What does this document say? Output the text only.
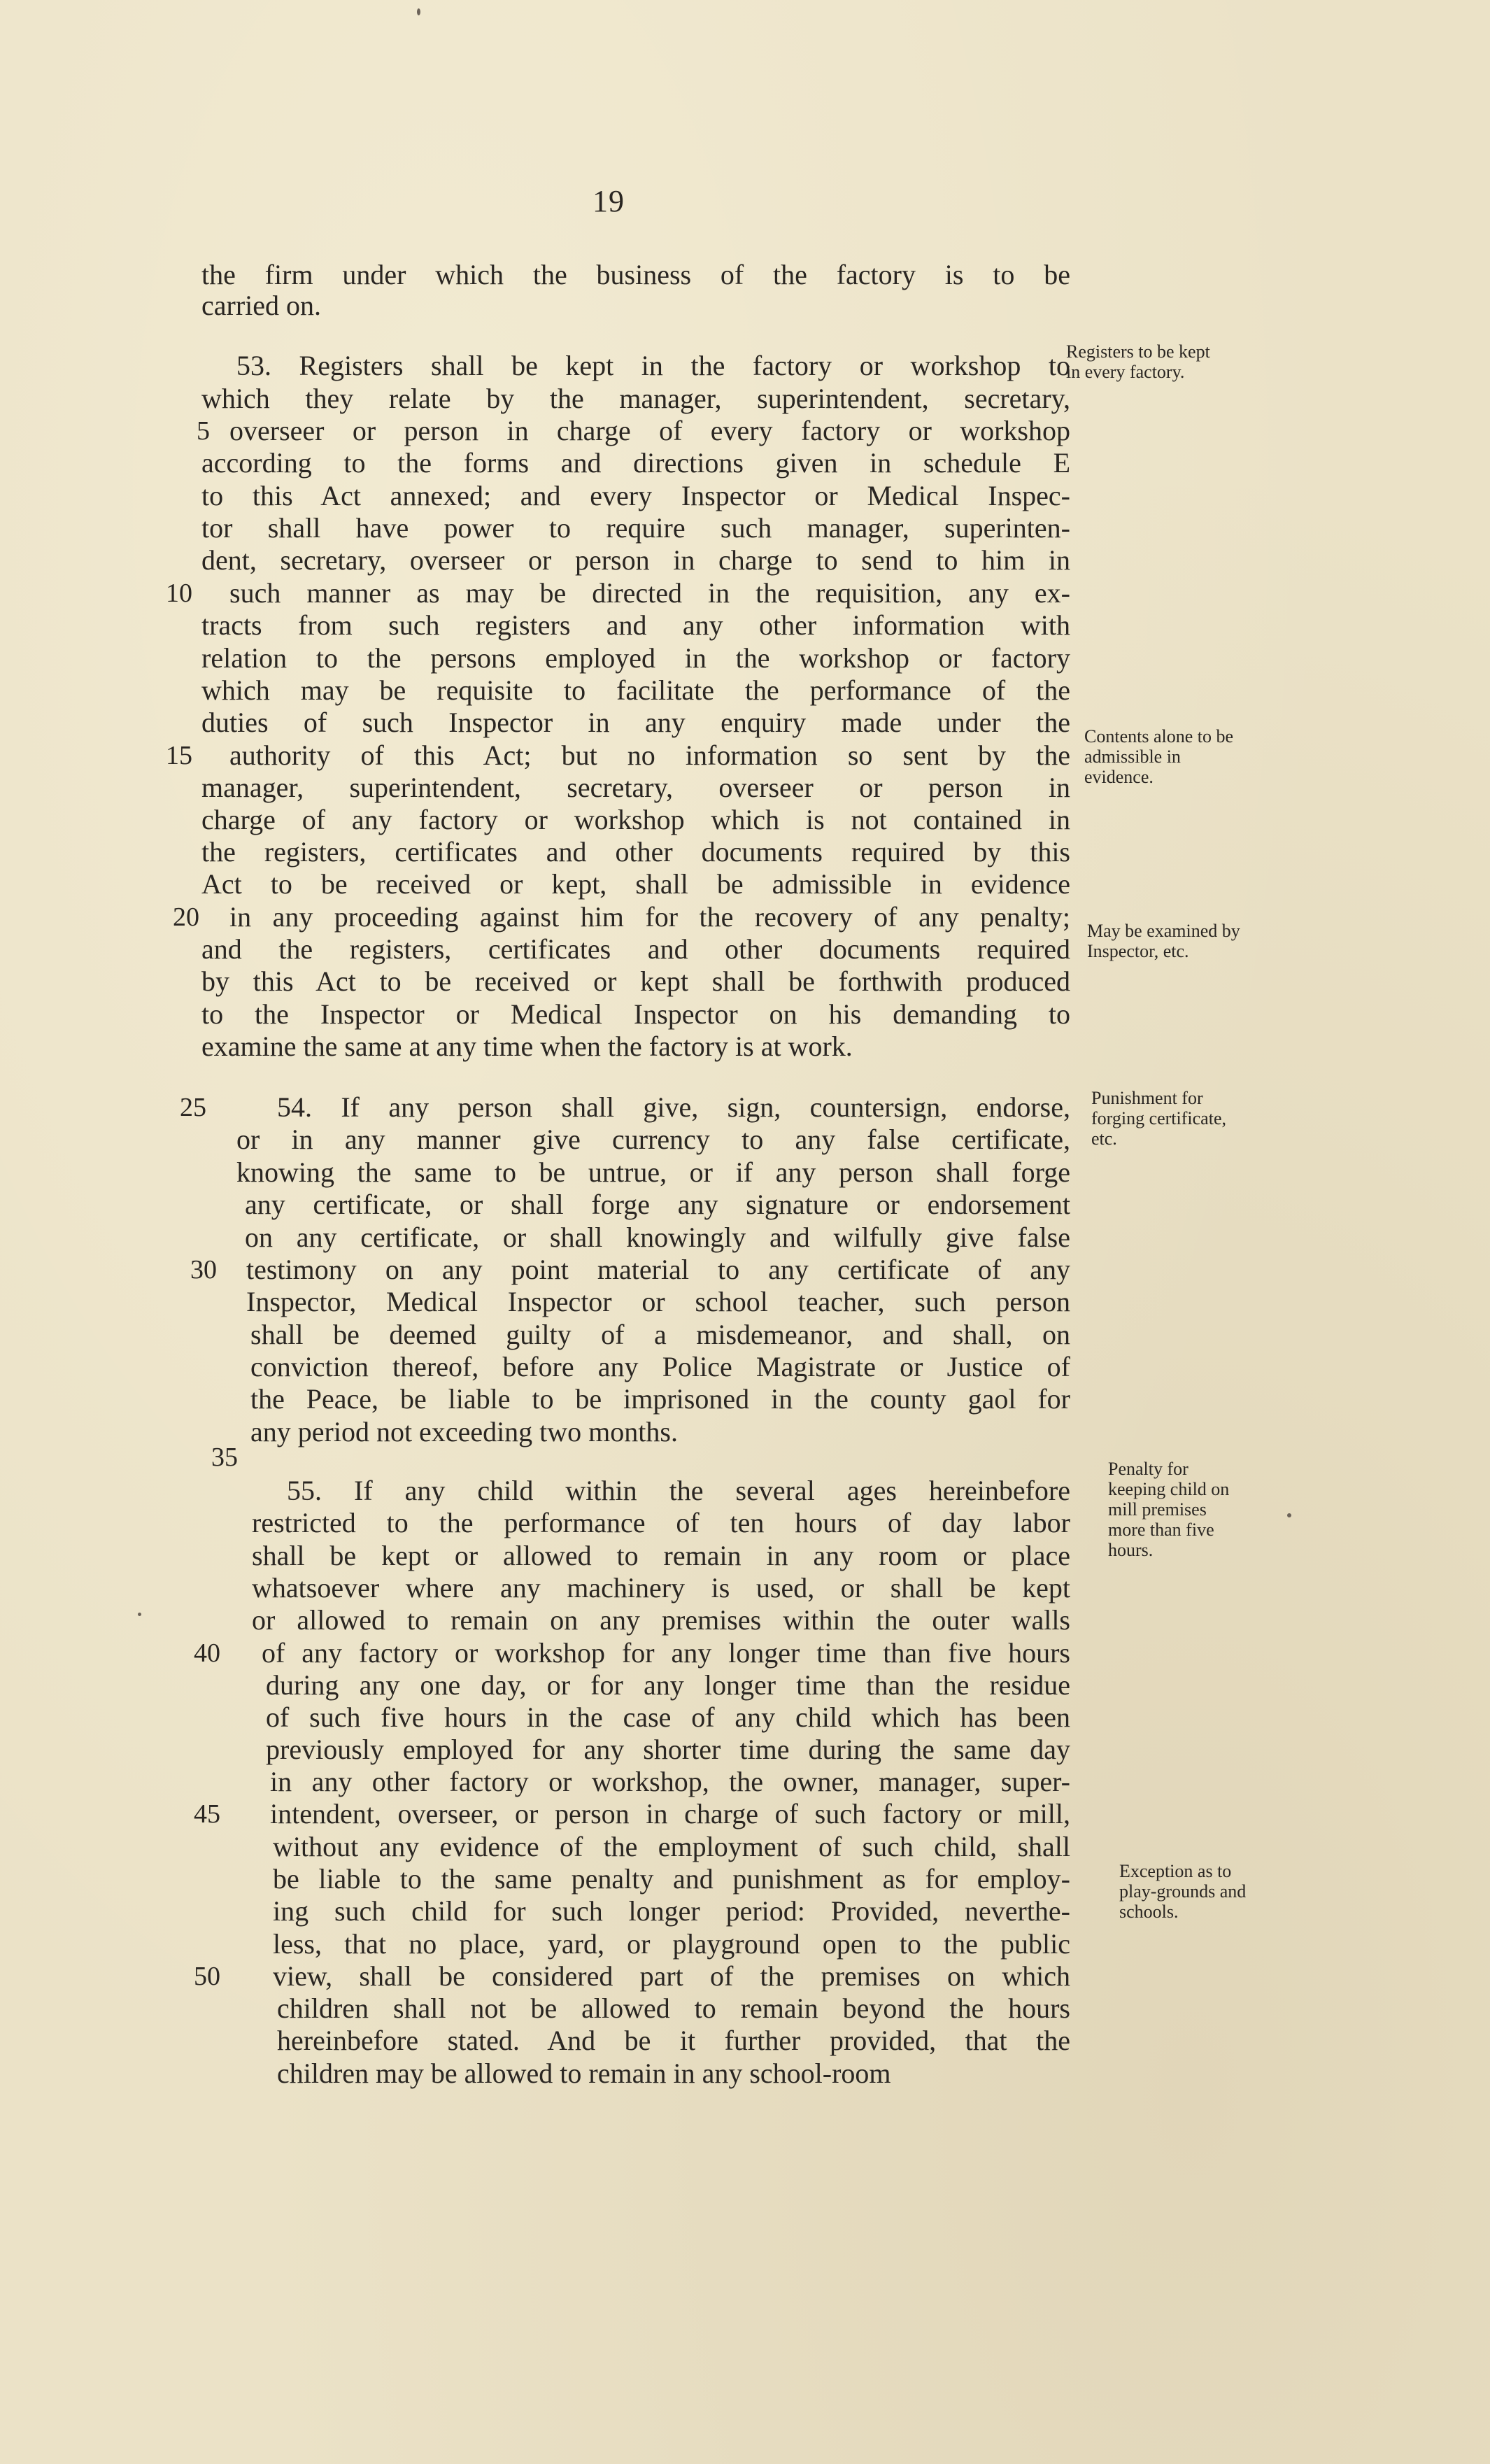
19
the firm under which the business of the factory is to be
carried on.
53. Registers shall be kept in the factory or workshop to
which they relate by the manager, superintendent, secretary,
overseer or person in charge of every factory or workshop
according to the forms and directions given in schedule E
to this Act annexed; and every Inspector or Medical Inspec-
tor shall have power to require such manager, superinten-
dent, secretary, overseer or person in charge to send to him in
such manner as may be directed in the requisition, any ex-
tracts from such registers and any other information with
relation to the persons employed in the workshop or factory
which may be requisite to facilitate the performance of the
duties of such Inspector in any enquiry made under the
authority of this Act; but no information so sent by the
manager, superintendent, secretary, overseer or person in
charge of any factory or workshop which is not contained in
the registers, certificates and other documents required by this
Act to be received or kept, shall be admissible in evidence
in any proceeding against him for the recovery of any penalty;
and the registers, certificates and other documents required
by this Act to be received or kept shall be forthwith produced
to the Inspector or Medical Inspector on his demanding to
examine the same at any time when the factory is at work.
54. If any person shall give, sign, countersign, endorse,
or in any manner give currency to any false certificate,
knowing the same to be untrue, or if any person shall forge
any certificate, or shall forge any signature or endorsement
on any certificate, or shall knowingly and wilfully give false
testimony on any point material to any certificate of any
Inspector, Medical Inspector or school teacher, such person
shall be deemed guilty of a misdemeanor, and shall, on
conviction thereof, before any Police Magistrate or Justice of
the Peace, be liable to be imprisoned in the county gaol for
any period not exceeding two months.
55. If any child within the several ages hereinbefore
restricted to the performance of ten hours of day labor
shall be kept or allowed to remain in any room or place
whatsoever where any machinery is used, or shall be kept
or allowed to remain on any premises within the outer walls
of any factory or workshop for any longer time than five hours
during any one day, or for any longer time than the residue
of such five hours in the case of any child which has been
previously employed for any shorter time during the same day
in any other factory or workshop, the owner, manager, super-
intendent, overseer, or person in charge of such factory or mill,
without any evidence of the employment of such child, shall
be liable to the same penalty and punishment as for employ-
ing such child for such longer period: Provided, neverthe-
less, that no place, yard, or playground open to the public
view, shall be considered part of the premises on which
children shall not be allowed to remain beyond the hours
hereinbefore stated. And be it further provided, that the
children may be allowed to remain in any school-room
5
10
15
20
25
30
35
40
45
50
Registers to be kept in every factory.
Contents alone to be admissible in evidence.
May be examined by Inspector, etc.
Punishment for forging certificate, etc.
Penalty for keeping child on mill premises more than five hours.
Exception as to play-grounds and schools.
